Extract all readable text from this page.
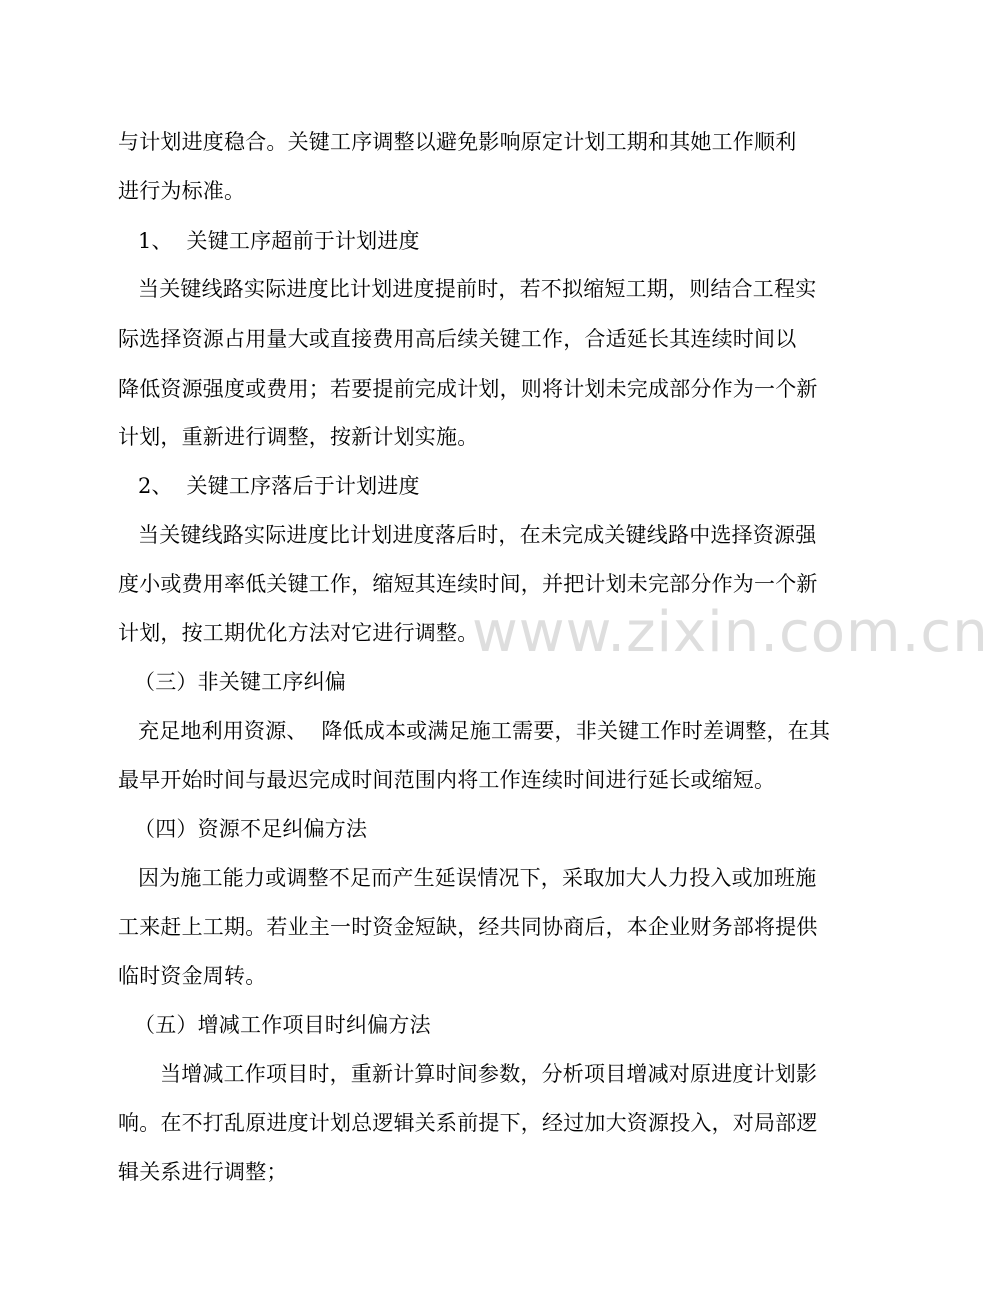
www.zixin.com.cn
与计划进度稳合。关键工序调整以避免影响原定计划工期和其她工作顺利
进行为标准。
1、  关键工序超前于计划进度
当关键线路实际进度比计划进度提前时，若不拟缩短工期，则结合工程实
际选择资源占用量大或直接费用高后续关键工作，合适延长其连续时间以
降低资源强度或费用；若要提前完成计划，则将计划未完成部分作为一个新
计划，重新进行调整，按新计划实施。
2、  关键工序落后于计划进度
当关键线路实际进度比计划进度落后时，在未完成关键线路中选择资源强
度小或费用率低关键工作，缩短其连续时间，并把计划未完部分作为一个新
计划，按工期优化方法对它进行调整。
（三）非关键工序纠偏
充足地利用资源、  降低成本或满足施工需要，非关键工作时差调整，在其
最早开始时间与最迟完成时间范围内将工作连续时间进行延长或缩短。
（四）资源不足纠偏方法
因为施工能力或调整不足而产生延误情况下，采取加大人力投入或加班施
工来赶上工期。若业主一时资金短缺，经共同协商后，本企业财务部将提供
临时资金周转。
（五）增减工作项目时纠偏方法
当增减工作项目时，重新计算时间参数，分析项目增减对原进度计划影
响。在不打乱原进度计划总逻辑关系前提下，经过加大资源投入，对局部逻
辑关系进行调整；
